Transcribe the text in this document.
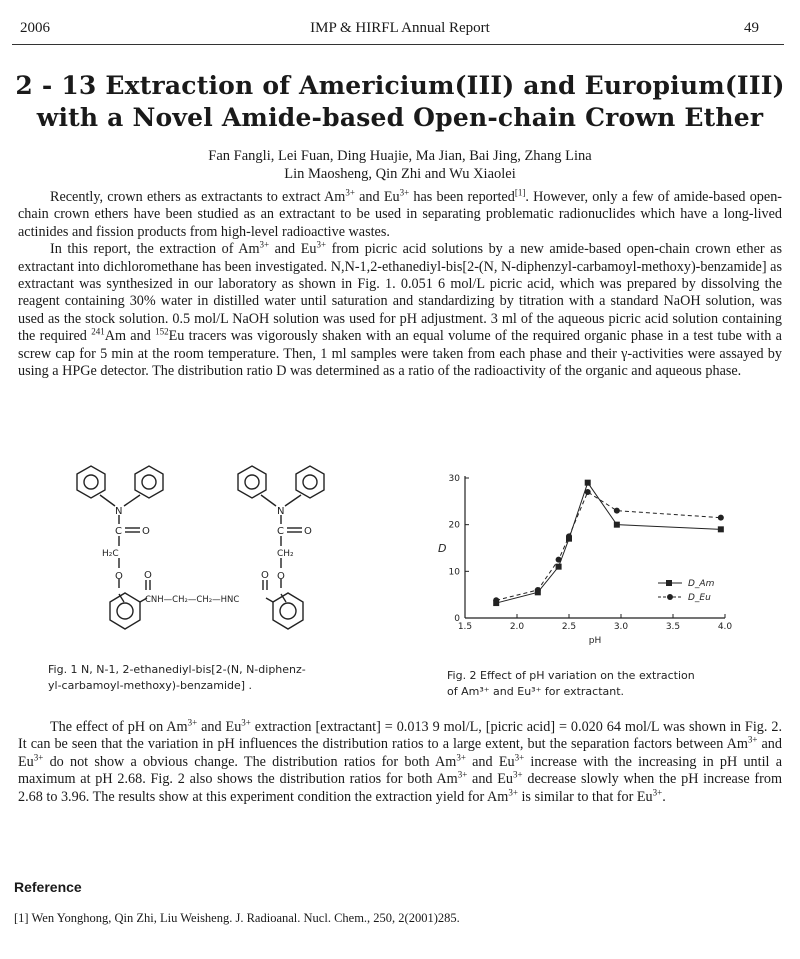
2006	IMP & HIRFL Annual Report	49
2 - 13 Extraction of Americium(III) and Europium(III)
with a Novel Amide-based Open-chain Crown Ether
Fan Fangli, Lei Fuan, Ding Huajie, Ma Jian, Bai Jing, Zhang Lina
Lin Maosheng, Qin Zhi and Wu Xiaolei

Recently, crown ethers as extractants to extract $Am^{3+}$ and $Eu^{3+}$ has been reported[1]. However, only a few of amide-based open-chain crown ethers have been studied as an extractant to be used in separating problematic radionuclides which have a long-lived actinides and fission products from high-level radioactive wastes.

In this report, the extraction of $Am^{3+}$ and $Eu^{3+}$ from picric acid solutions by a new amide-based open-chain crown ether as extractant into dichloromethane has been investigated. N,N-1,2-ethanediyl-bis[2-(N, N-diphenzyl-carbamoyl-methoxy)-benzamide] as extractant was synthesized in our laboratory as shown in Fig. 1. 0.051 6 mol/L picric acid, which was prepared by dissolving the reagent containing 30% water in distilled water until saturation and standardizing by titration with a standard NaOH solution, was used as the stock solution. 0.5 mol/L NaOH solution was used for pH adjustment. 3 ml of the aqueous picric acid solution containing the required $^{241}$Am and $^{152}$Eu tracers was vigorously shaken with an equal volume of the required organic phase in a test tube with a screw cap for 5 min at the room temperature. Then, 1 ml samples were taken from each phase and their γ-activities were assayed by using a HPGe detector. The distribution ratio D was determined as a ratio of the radioactivity of the organic and aqueous phase.

N
C O
H₂C
O
N
C O
CH₂
O
O	O
CNH—CH₂—CH₂—HNC
Fig. 1 N, N-1, 2-ethanediyl-bis[2-(N, N-diphenz-
yl-carbamoyl-methoxy)-benzamide] .
1.5	2.0	2.5	3.0	3.5	4.0
0
10
20
30
D
pH
D_Am
D_Eu
Fig. 2 Effect of pH variation on the extraction
of Am³⁺ and Eu³⁺ for extractant.

The effect of pH on $Am^{3+}$ and $Eu^{3+}$ extraction [extractant] = 0.013 9 mol/L, [picric acid] = 0.020 64 mol/L was shown in Fig. 2. It can be seen that the variation in pH influences the distribution ratios to a large extent, but the separation factors between $Am^{3+}$ and $Eu^{3+}$ do not show a obvious change. The distribution ratios for both $Am^{3+}$ and $Eu^{3+}$ increase with the increasing in pH until a maximum at pH 2.68. Fig. 2 also shows the distribution ratios for both $Am^{3+}$ and $Eu^{3+}$ decrease slowly when the pH increase from 2.68 to 3.96. The results show at this experiment condition the extraction yield for $Am^{3+}$ is similar to that for $Eu^{3+}$.

Reference
[1] Wen Yonghong, Qin Zhi, Liu Weisheng. J. Radioanal. Nucl. Chem., 250, 2(2001)285.
